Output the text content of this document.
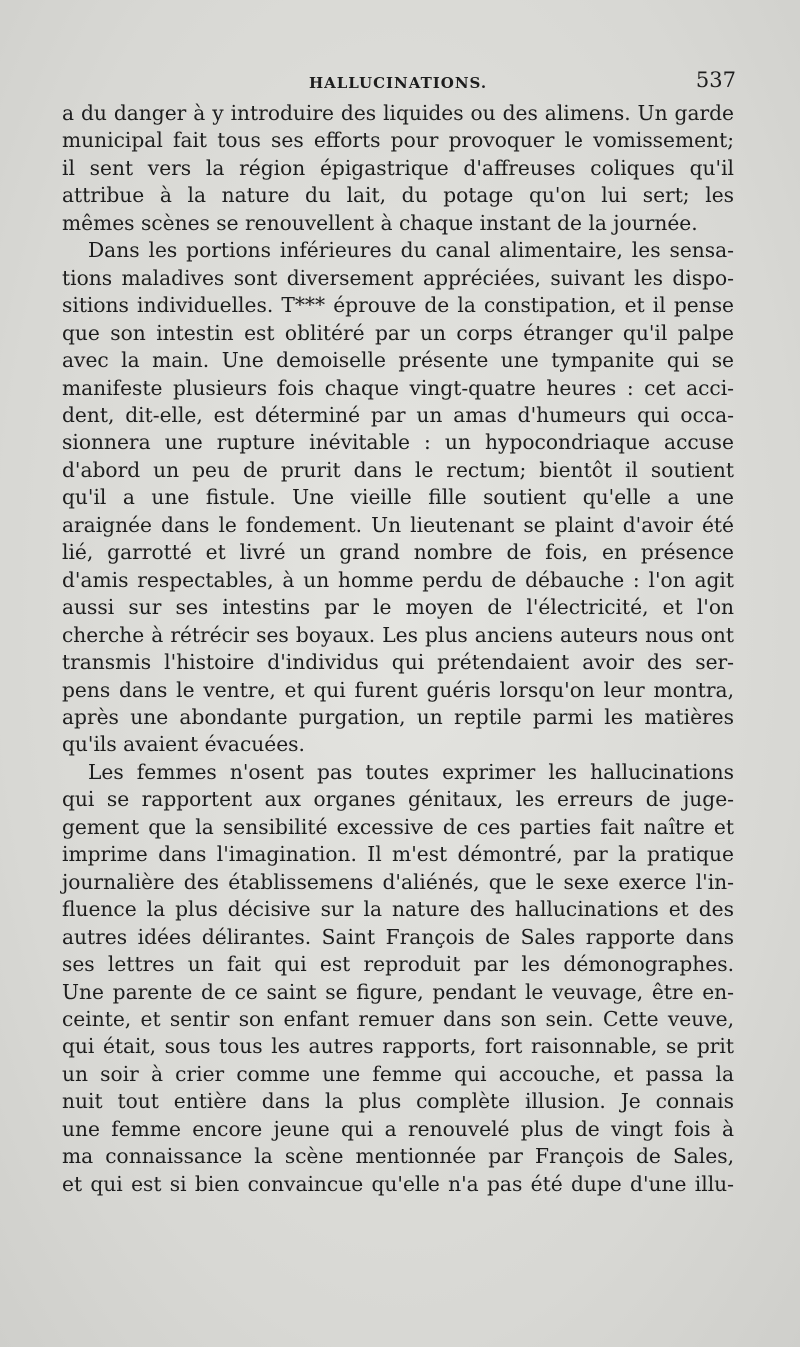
HALLUCINATIONS.	537
a du danger à y introduire des liquides ou des alimens. Un garde
municipal fait tous ses efforts pour provoquer le vomissement;
il sent vers la région épigastrique d'affreuses coliques qu'il
attribue à la nature du lait, du potage qu'on lui sert; les
mêmes scènes se renouvellent à chaque instant de la journée.
Dans les portions inférieures du canal alimentaire, les sensa-
tions maladives sont diversement appréciées, suivant les dispo-
sitions individuelles. T*** éprouve de la constipation, et il pense
que son intestin est oblitéré par un corps étranger qu'il palpe
avec la main. Une demoiselle présente une tympanite qui se
manifeste plusieurs fois chaque vingt-quatre heures : cet acci-
dent, dit-elle, est déterminé par un amas d'humeurs qui occa-
sionnera une rupture inévitable : un hypocondriaque accuse
d'abord un peu de prurit dans le rectum; bientôt il soutient
qu'il a une fistule. Une vieille fille soutient qu'elle a une
araignée dans le fondement. Un lieutenant se plaint d'avoir été
lié, garrotté et livré un grand nombre de fois, en présence
d'amis respectables, à un homme perdu de débauche : l'on agit
aussi sur ses intestins par le moyen de l'électricité, et l'on
cherche à rétrécir ses boyaux. Les plus anciens auteurs nous ont
transmis l'histoire d'individus qui prétendaient avoir des ser-
pens dans le ventre, et qui furent guéris lorsqu'on leur montra,
après une abondante purgation, un reptile parmi les matières
qu'ils avaient évacuées.
Les femmes n'osent pas toutes exprimer les hallucinations
qui se rapportent aux organes génitaux, les erreurs de juge-
gement que la sensibilité excessive de ces parties fait naître et
imprime dans l'imagination. Il m'est démontré, par la pratique
journalière des établissemens d'aliénés, que le sexe exerce l'in-
fluence la plus décisive sur la nature des hallucinations et des
autres idées délirantes. Saint François de Sales rapporte dans
ses lettres un fait qui est reproduit par les démonographes.
Une parente de ce saint se figure, pendant le veuvage, être en-
ceinte, et sentir son enfant remuer dans son sein. Cette veuve,
qui était, sous tous les autres rapports, fort raisonnable, se prit
un soir à crier comme une femme qui accouche, et passa la
nuit tout entière dans la plus complète illusion. Je connais
une femme encore jeune qui a renouvelé plus de vingt fois à
ma connaissance la scène mentionnée par François de Sales,
et qui est si bien convaincue qu'elle n'a pas été dupe d'une illu-
